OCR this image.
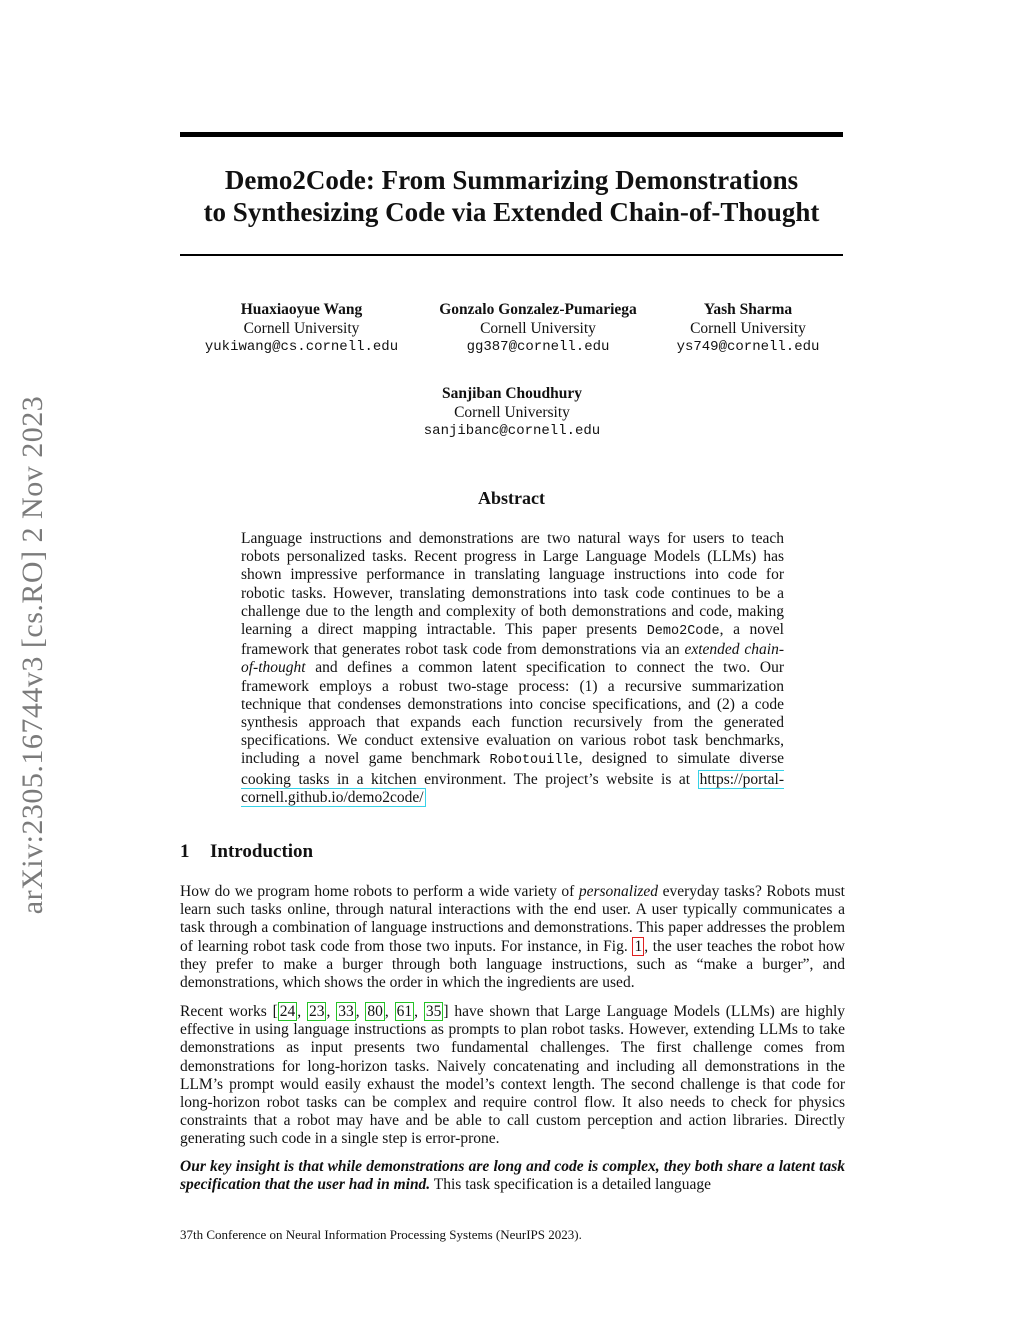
arXiv:2305.16744v3 [cs.RO] 2 Nov 2023
Demo2Code: From Summarizing Demonstrations
to Synthesizing Code via Extended Chain-of-Thought
Huaxiaoyue Wang
Cornell University
yukiwang@cs.cornell.edu
Gonzalo Gonzalez-Pumariega
Cornell University
gg387@cornell.edu
Yash Sharma
Cornell University
ys749@cornell.edu
Sanjiban Choudhury
Cornell University
sanjibanc@cornell.edu
Abstract
Language instructions and demonstrations are two natural ways for users to teach robots personalized tasks. Recent progress in Large Language Models (LLMs) has shown impressive performance in translating language instructions into code for robotic tasks. However, translating demonstrations into task code continues to be a challenge due to the length and complexity of both demonstrations and code, making learning a direct mapping intractable. This paper presents Demo2Code, a novel framework that generates robot task code from demonstrations via an extended chain-of-thought and defines a common latent specification to connect the two. Our framework employs a robust two-stage process: (1) a recursive summarization technique that condenses demonstrations into concise specifications, and (2) a code synthesis approach that expands each function recursively from the generated specifications. We conduct extensive evaluation on various robot task benchmarks, including a novel game benchmark Robotouille, designed to simulate diverse cooking tasks in a kitchen environment. The project’s website is at https://portal-cornell.github.io/demo2code/
1 Introduction
How do we program home robots to perform a wide variety of personalized everyday tasks? Robots must learn such tasks online, through natural interactions with the end user. A user typically communicates a task through a combination of language instructions and demonstrations. This paper addresses the problem of learning robot task code from those two inputs. For instance, in Fig. 1 , the user teaches the robot how they prefer to make a burger through both language instructions, such as “make a burger”, and demonstrations, which shows the order in which the ingredients are used.
Recent works [ 24 , 23 , 33 , 80 , 61 , 35 ] have shown that Large Language Models (LLMs) are highly effective in using language instructions as prompts to plan robot tasks. However, extending LLMs to take demonstrations as input presents two fundamental challenges. The first challenge comes from demonstrations for long-horizon tasks. Naively concatenating and including all demonstrations in the LLM’s prompt would easily exhaust the model’s context length. The second challenge is that code for long-horizon robot tasks can be complex and require control flow. It also needs to check for physics constraints that a robot may have and be able to call custom perception and action libraries. Directly generating such code in a single step is error-prone.
Our key insight is that while demonstrations are long and code is complex, they both share a latent task specification that the user had in mind. This task specification is a detailed language
37th Conference on Neural Information Processing Systems (NeurIPS 2023).
